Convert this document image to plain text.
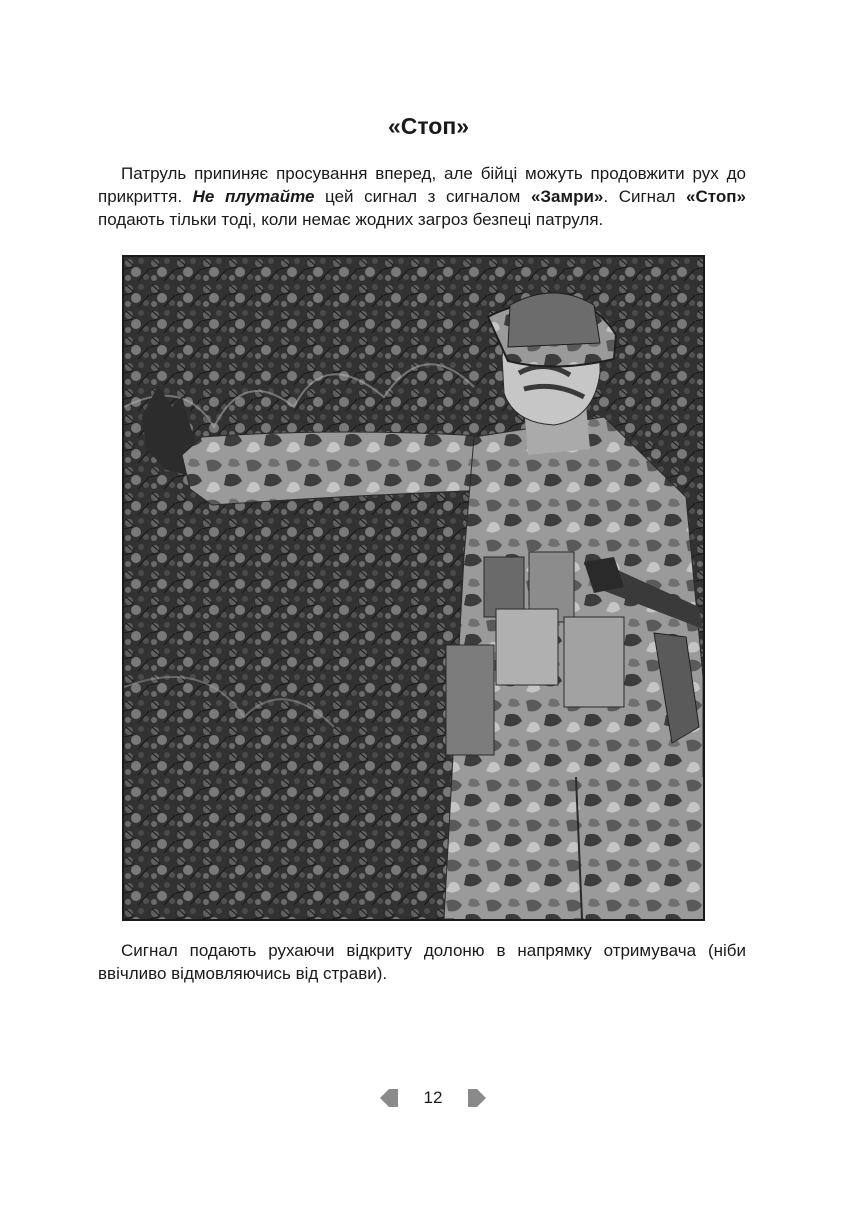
«Стоп»

Патруль припиняє просування вперед, але бійці можуть продовжити рух до прикриття. Не плутайте цей сигнал з сигналом «Замри». Сигнал «Стоп» подають тільки тоді, коли немає жодних загроз безпеці патруля.

Сигнал подають рухаючи відкриту долоню в напрямку отримувача (ніби ввічливо відмовляючись від страви).

12
